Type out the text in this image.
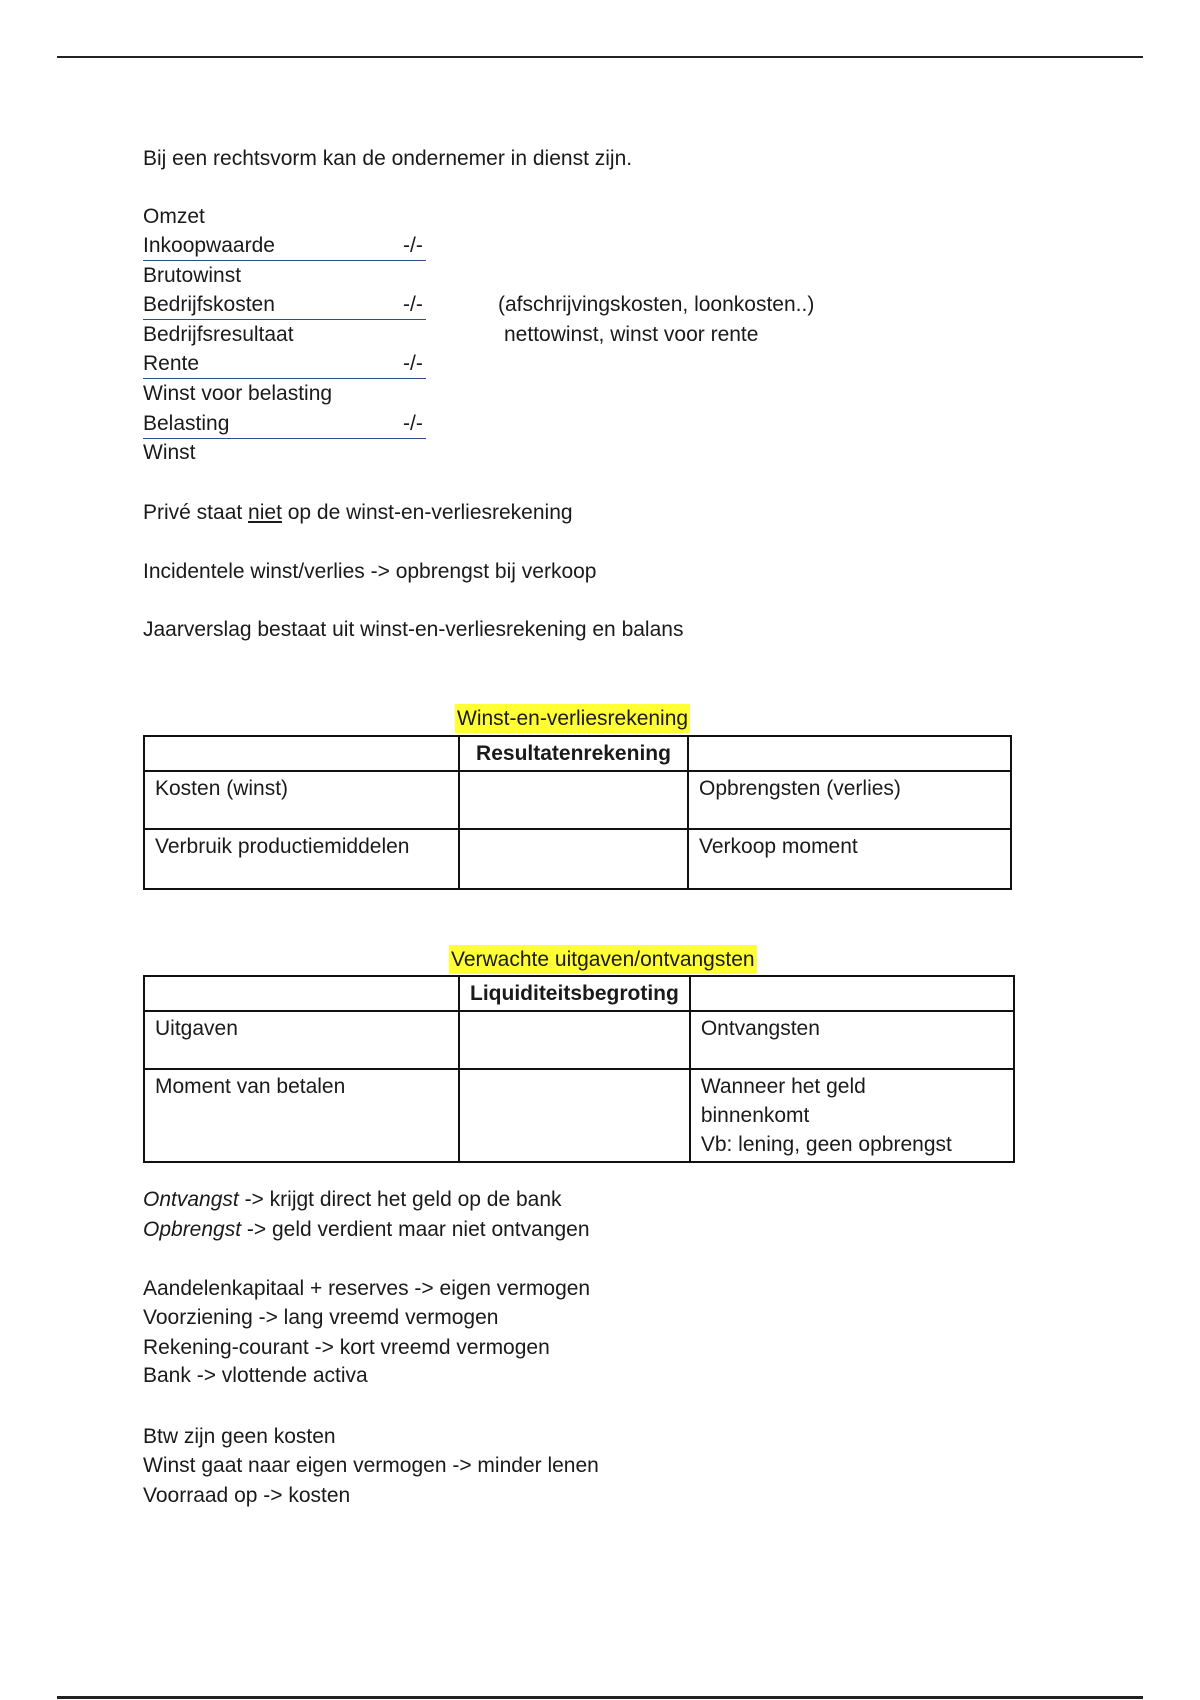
Bij een rechtsvorm kan de ondernemer in dienst zijn.
Omzet
Inkoopwaarde	-/-
Brutowinst
Bedrijfskosten	-/-
Bedrijfsresultaat
Rente	-/-
Winst voor belasting
Belasting	-/-
Winst
(afschrijvingskosten, loonkosten..)
nettowinst, winst voor rente
Privé staat niet op de winst-en-verliesrekening
Incidentele winst/verlies -> opbrengst bij verkoop
Jaarverslag bestaat uit winst-en-verliesrekening en balans
Winst-en-verliesrekening
	Resultatenrekening	
Kosten (winst)		Opbrengsten (verlies)
Verbruik productiemiddelen		Verkoop moment
Verwachte uitgaven/ontvangsten
	Liquiditeitsbegroting	
Uitgaven		Ontvangsten
Moment van betalen		Wanneer het geld
binnenkomt
Vb: lening, geen opbrengst
Ontvangst -> krijgt direct het geld op de bank
Opbrengst -> geld verdient maar niet ontvangen
Aandelenkapitaal + reserves -> eigen vermogen
Voorziening -> lang vreemd vermogen
Rekening-courant -> kort vreemd vermogen
Bank -> vlottende activa
Btw zijn geen kosten
Winst gaat naar eigen vermogen -> minder lenen
Voorraad op -> kosten
